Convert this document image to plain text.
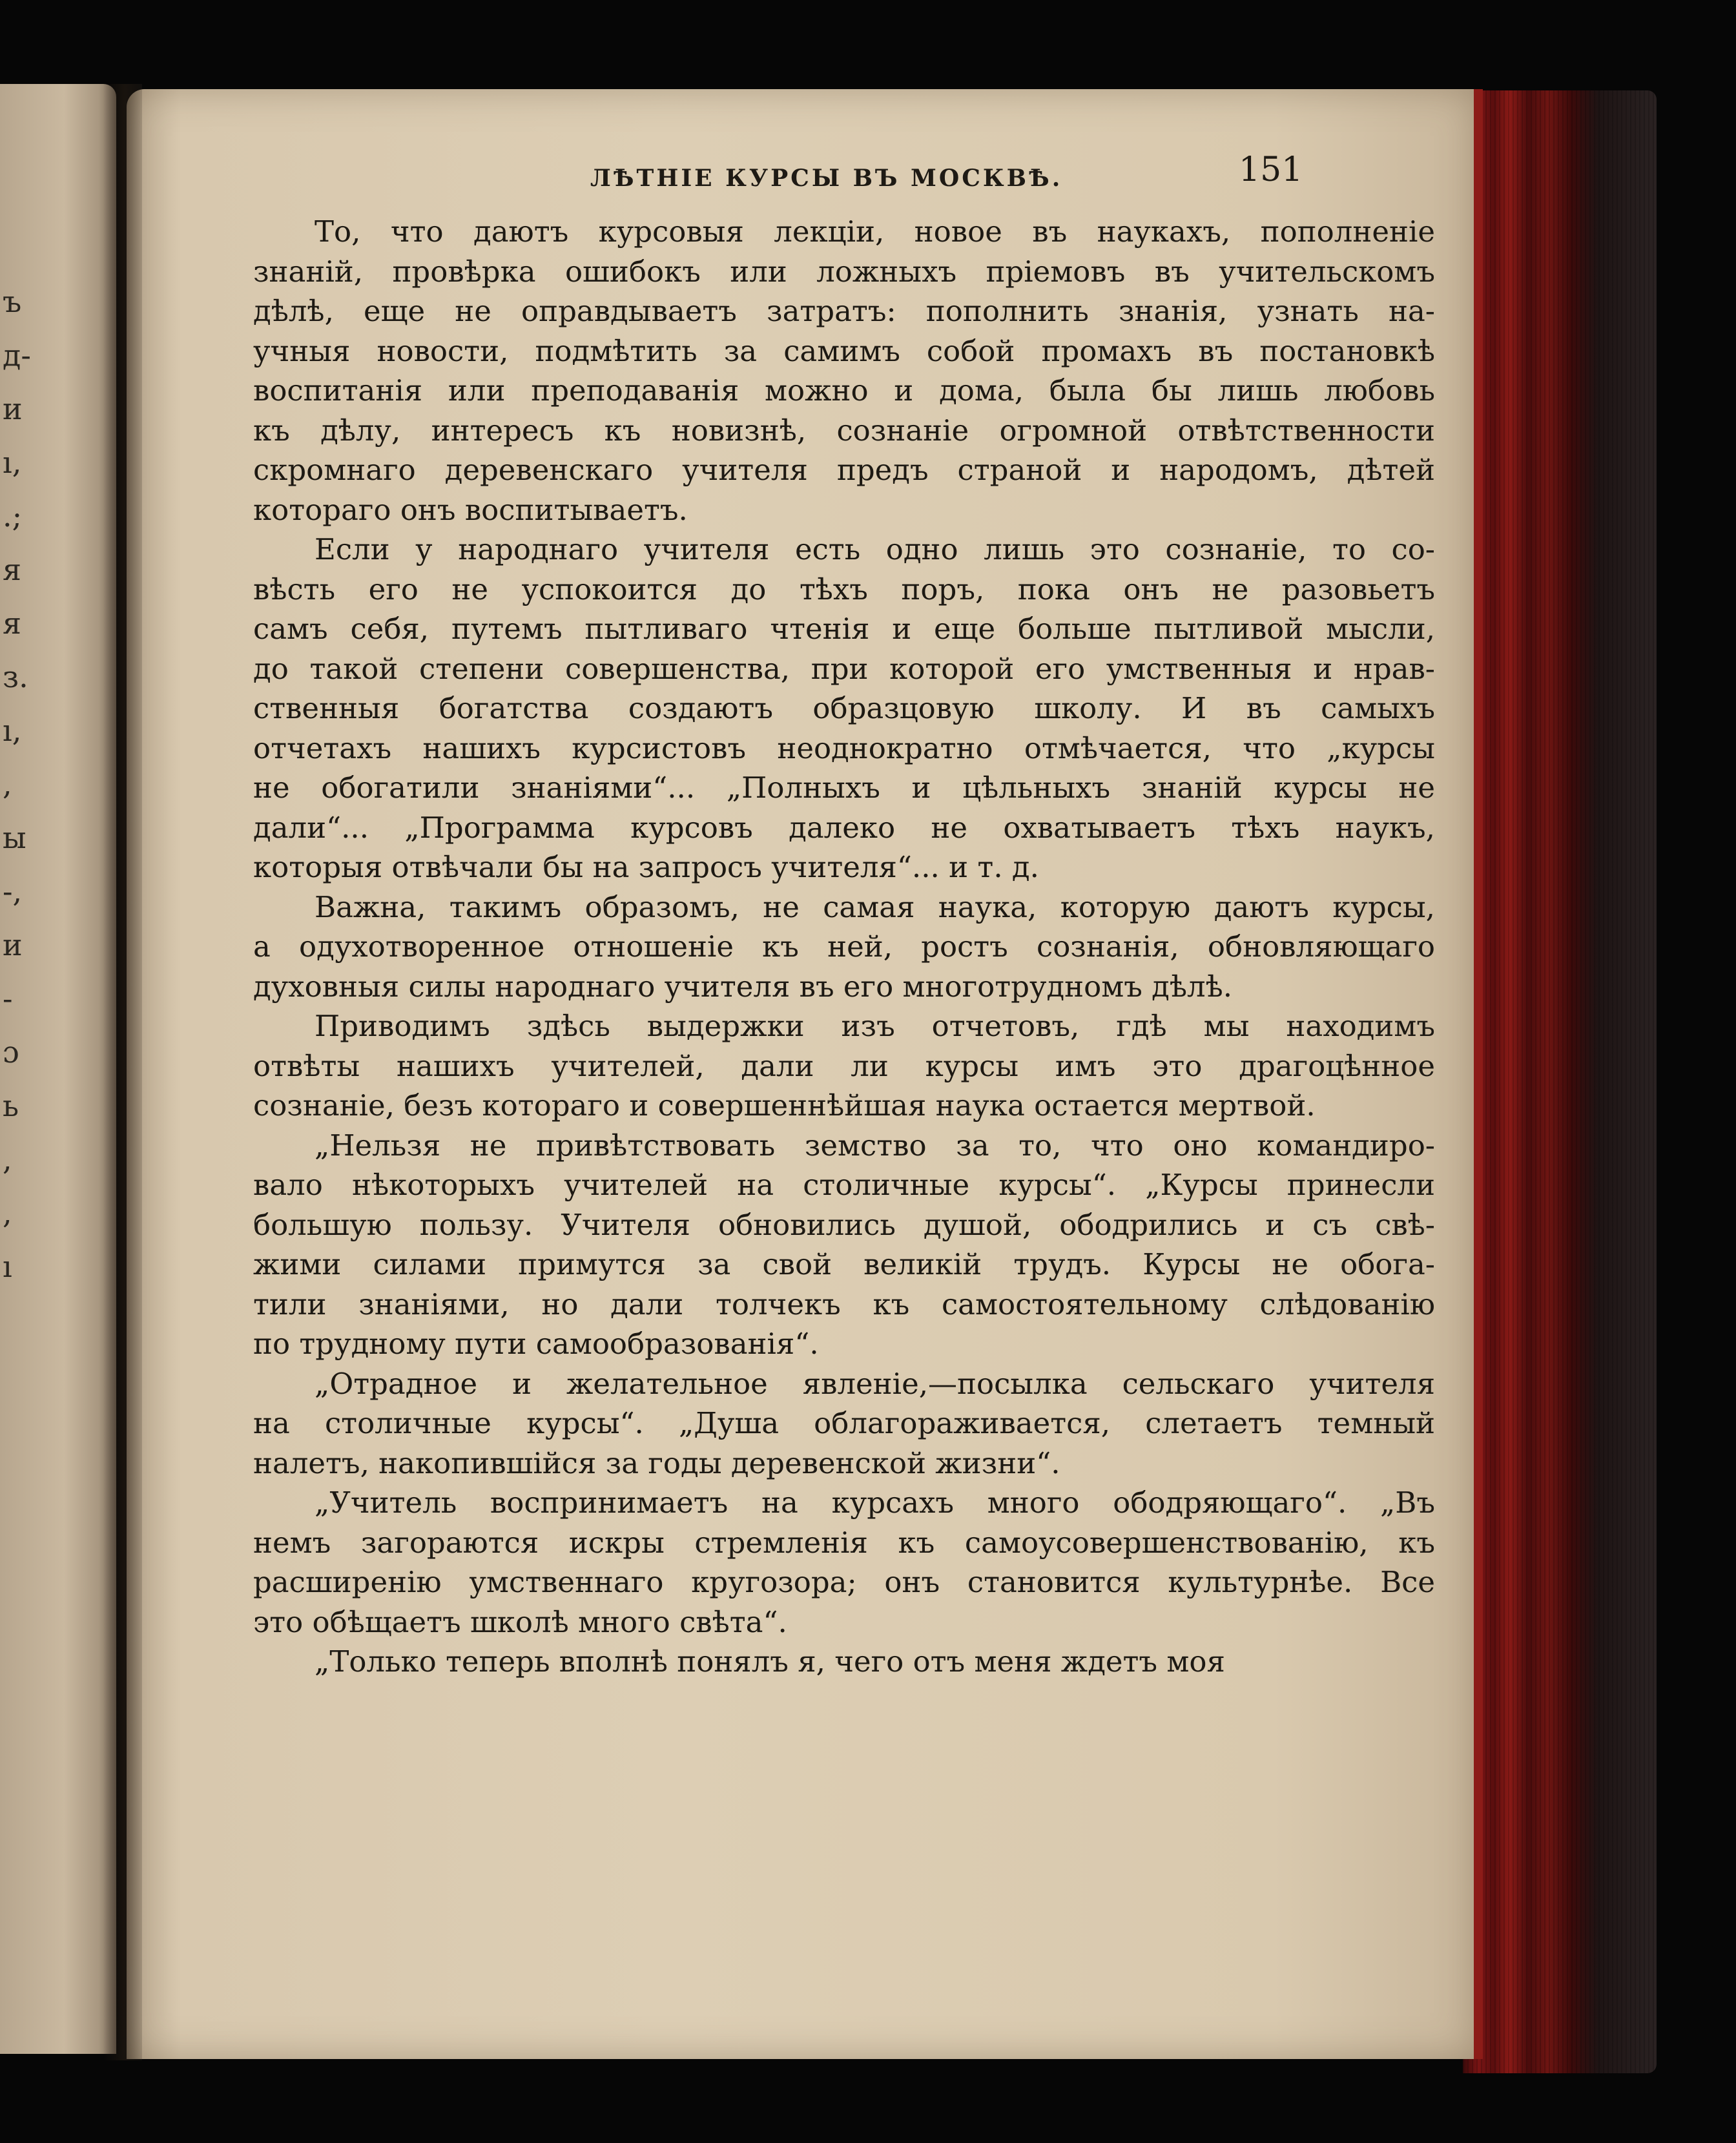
ъ
д-
и
ı,
.;
я
я
з.
ı,
,
ы
-,
и
-
ɔ
ь
,
,
ı
ЛѢТНІЕ КУРСЫ ВЪ МОСКВѢ.	151
То, что даютъ курсовыя лекціи, новое въ наукахъ, пополненіе
знаній, провѣрка ошибокъ или ложныхъ пріемовъ въ учительскомъ
дѣлѣ, еще не оправдываетъ затратъ: пополнить знанія, узнать на-
учныя новости, подмѣтить за самимъ собой промахъ въ постановкѣ
воспитанія или преподаванія можно и дома, была бы лишь любовь
къ дѣлу, интересъ къ новизнѣ, сознаніе огромной отвѣтственности
скромнаго деревенскаго учителя предъ страной и народомъ, дѣтей
котораго онъ воспитываетъ.
Если у народнаго учителя есть одно лишь это сознаніе, то со-
вѣсть его не успокоится до тѣхъ поръ, пока онъ не разовьетъ
самъ себя, путемъ пытливаго чтенія и еще больше пытливой мысли,
до такой степени совершенства, при которой его умственныя и нрав-
ственныя богатства создаютъ образцовую школу. И въ самыхъ
отчетахъ нашихъ курсистовъ неоднократно отмѣчается, что „курсы
не обогатили знаніями“... „Полныхъ и цѣльныхъ знаній курсы не
дали“... „Программа курсовъ далеко не охватываетъ тѣхъ наукъ,
которыя отвѣчали бы на запросъ учителя“... и т. д.
Важна, такимъ образомъ, не самая наука, которую даютъ курсы,
а одухотворенное отношеніе къ ней, ростъ сознанія, обновляющаго
духовныя силы народнаго учителя въ его многотрудномъ дѣлѣ.
Приводимъ здѣсь выдержки изъ отчетовъ, гдѣ мы находимъ
отвѣты нашихъ учителей, дали ли курсы имъ это драгоцѣнное
сознаніе, безъ котораго и совершеннѣйшая наука остается мертвой.
„Нельзя не привѣтствовать земство за то, что оно командиро-
вало нѣкоторыхъ учителей на столичные курсы“. „Курсы принесли
большую пользу. Учителя обновились душой, ободрились и съ свѣ-
жими силами примутся за свой великій трудъ. Курсы не обога-
тили знаніями, но дали толчекъ къ самостоятельному слѣдованію
по трудному пути самообразованія“.
„Отрадное и желательное явленіе,—посылка сельскаго учителя
на столичные курсы“. „Душа облагораживается, слетаетъ темный
налетъ, накопившійся за годы деревенской жизни“.
„Учитель воспринимаетъ на курсахъ много ободряющаго“. „Въ
немъ загораются искры стремленія къ самоусовершенствованію, къ
расширенію умственнаго кругозора; онъ становится культурнѣе. Все
это обѣщаетъ школѣ много свѣта“.
„Только теперь вполнѣ понялъ я, чего отъ меня ждетъ моя
